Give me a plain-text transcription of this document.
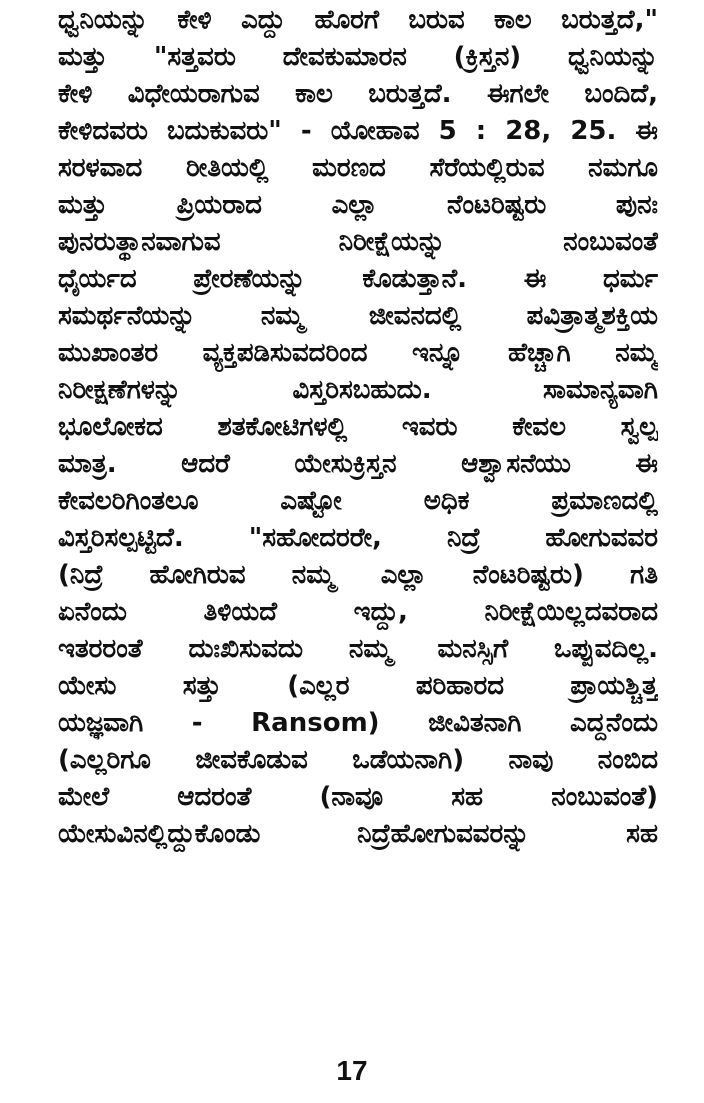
ಧ್ವನಿಯನ್ನು ಕೇಳಿ ಎದ್ದು ಹೊರಗೆ ಬರುವ ಕಾಲ ಬರುತ್ತದೆ,"
ಮತ್ತು "ಸತ್ತವರು ದೇವಕುಮಾರನ (ಕ್ರಿಸ್ತನ) ಧ್ವನಿಯನ್ನು
ಕೇಳಿ ವಿಧೇಯರಾಗುವ ಕಾಲ ಬರುತ್ತದೆ. ಈಗಲೇ ಬಂದಿದೆ,
ಕೇಳಿದವರು ಬದುಕುವರು" - ಯೋಹಾವ 5 : 28, 25. ಈ
ಸರಳವಾದ ರೀತಿಯಲ್ಲಿ ಮರಣದ ಸೆರೆಯಲ್ಲಿರುವ ನಮಗೂ
ಮತ್ತು ಪ್ರಿಯರಾದ ಎಲ್ಲಾ ನೆಂಟರಿಷ್ಟರು ಪುನಃ
ಪುನರುತ್ಥಾನವಾಗುವ ನಿರೀಕ್ಷೆಯನ್ನು ನಂಬುವಂತೆ
ಧೈರ್ಯದ ಪ್ರೇರಣೆಯನ್ನು ಕೊಡುತ್ತಾನೆ. ಈ ಧರ್ಮ
ಸಮರ್ಥನೆಯನ್ನು ನಮ್ಮ ಜೀವನದಲ್ಲಿ ಪವಿತ್ರಾತ್ಮಶಕ್ತಿಯ
ಮುಖಾಂತರ ವ್ಯಕ್ತಪಡಿಸುವದರಿಂದ ಇನ್ನೂ ಹೆಚ್ಚಾಗಿ ನಮ್ಮ
ನಿರೀಕ್ಷಣೆಗಳನ್ನು ವಿಸ್ತರಿಸಬಹುದು. ಸಾಮಾನ್ಯವಾಗಿ
ಭೂಲೋಕದ ಶತಕೋಟಿಗಳಲ್ಲಿ ಇವರು ಕೇವಲ ಸ್ವಲ್ಪ
ಮಾತ್ರ. ಆದರೆ ಯೇಸುಕ್ರಿಸ್ತನ ಆಶ್ವಾಸನೆಯು ಈ
ಕೇವಲರಿಗಿಂತಲೂ ಎಷ್ಟೋ ಅಧಿಕ ಪ್ರಮಾಣದಲ್ಲಿ
ವಿಸ್ತರಿಸಲ್ಪಟ್ಟಿದೆ. "ಸಹೋದರರೇ, ನಿದ್ರೆ ಹೋಗುವವರ
(ನಿದ್ರೆ ಹೋಗಿರುವ ನಮ್ಮ ಎಲ್ಲಾ ನೆಂಟರಿಷ್ಟರು) ಗತಿ
ಏನೆಂದು ತಿಳಿಯದೆ ಇದ್ದು, ನಿರೀಕ್ಷೆಯಿಲ್ಲದವರಾದ
ಇತರರಂತೆ ದುಃಖಿಸುವದು ನಮ್ಮ ಮನಸ್ಸಿಗೆ ಒಪ್ಪುವದಿಲ್ಲ.
ಯೇಸು ಸತ್ತು (ಎಲ್ಲರ ಪರಿಹಾರದ ಪ್ರಾಯಶ್ಚಿತ್ತ
ಯಜ್ಞವಾಗಿ - Ransom) ಜೀವಿತನಾಗಿ ಎದ್ದನೆಂದು
(ಎಲ್ಲರಿಗೂ ಜೀವಕೊಡುವ ಒಡೆಯನಾಗಿ) ನಾವು ನಂಬಿದ
ಮೇಲೆ ಆದರಂತೆ (ನಾವೂ ಸಹ ನಂಬುವಂತೆ)
ಯೇಸುವಿನಲ್ಲಿದ್ದುಕೊಂಡು ನಿದ್ರೆಹೋಗುವವರನ್ನು ಸಹ
17
